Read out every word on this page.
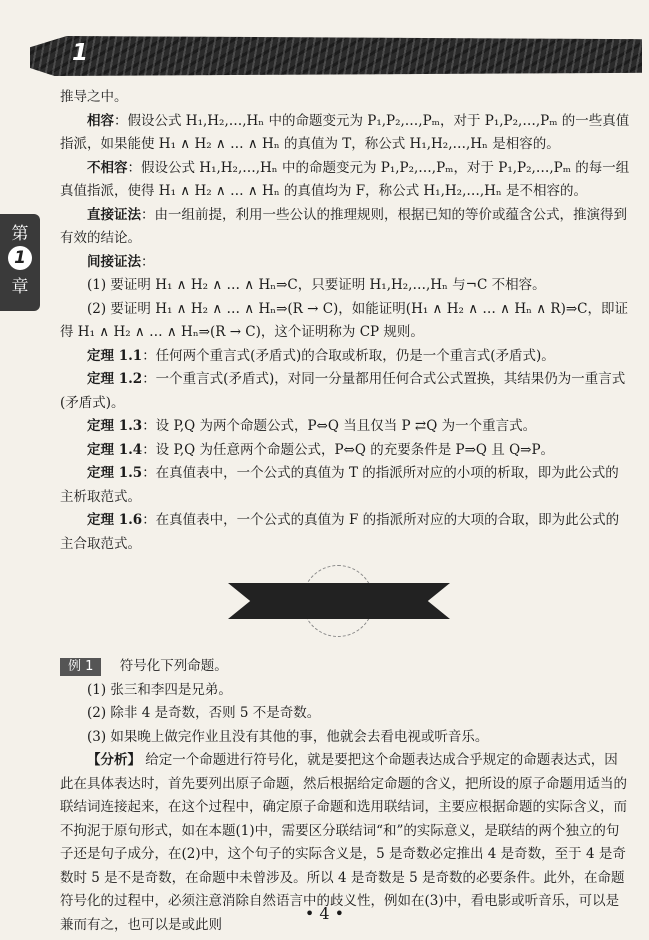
1
第
1
章

推导之中。

相容：假设公式 H₁,H₂,…,Hₙ 中的命题变元为 P₁,P₂,…,Pₘ，对于 P₁,P₂,…,Pₘ 的一些真值指派，如果能使 H₁ ∧ H₂ ∧ … ∧ Hₙ 的真值为 T，称公式 H₁,H₂,…,Hₙ 是相容的。

不相容：假设公式 H₁,H₂,…,Hₙ 中的命题变元为 P₁,P₂,…,Pₘ，对于 P₁,P₂,…,Pₘ 的每一组真值指派，使得 H₁ ∧ H₂ ∧ … ∧ Hₙ 的真值均为 F，称公式 H₁,H₂,…,Hₙ 是不相容的。

直接证法：由一组前提，利用一些公认的推理规则，根据已知的等价或蕴含公式，推演得到有效的结论。

间接证法：

(1) 要证明 H₁ ∧ H₂ ∧ … ∧ Hₙ⇒C，只要证明 H₁,H₂,…,Hₙ 与¬C 不相容。

(2) 要证明 H₁ ∧ H₂ ∧ … ∧ Hₙ⇒(R → C)，如能证明(H₁ ∧ H₂ ∧ … ∧ Hₙ ∧ R)⇒C，即证得 H₁ ∧ H₂ ∧ … ∧ Hₙ⇒(R → C)，这个证明称为 CP 规则。

定理 1.1：任何两个重言式(矛盾式)的合取或析取，仍是一个重言式(矛盾式)。

定理 1.2：一个重言式(矛盾式)，对同一分量都用任何合式公式置换，其结果仍为一重言式(矛盾式)。

定理 1.3：设 P,Q 为两个命题公式，P⇔Q 当且仅当 P ⇄Q 为一个重言式。

定理 1.4：设 P,Q 为任意两个命题公式，P⇔Q 的充要条件是 P⇒Q 且 Q⇒P。

定理 1.5：在真值表中，一个公式的真值为 T 的指派所对应的小项的析取，即为此公式的主析取范式。

定理 1.6：在真值表中，一个公式的真值为 F 的指派所对应的大项的合取，即为此公式的主合取范式。

例 1 符号化下列命题。

(1) 张三和李四是兄弟。

(2) 除非 4 是奇数，否则 5 不是奇数。

(3) 如果晚上做完作业且没有其他的事，他就会去看电视或听音乐。

【分析】 给定一个命题进行符号化，就是要把这个命题表达成合乎规定的命题表达式，因此在具体表达时，首先要列出原子命题，然后根据给定命题的含义，把所设的原子命题用适当的联结词连接起来，在这个过程中，确定原子命题和选用联结词，主要应根据命题的实际含义，而不拘泥于原句形式，如在本题(1)中，需要区分联结词“和”的实际意义，是联结的两个独立的句子还是句子成分，在(2)中，这个句子的实际含义是，5 是奇数必定推出 4 是奇数，至于 4 是奇数时 5 是不是奇数，在命题中未曾涉及。所以 4 是奇数是 5 是奇数的必要条件。此外，在命题符号化的过程中，必须注意消除自然语言中的歧义性，例如在(3)中，看电影或听音乐，可以是兼而有之，也可以是或此则

• 4 •
